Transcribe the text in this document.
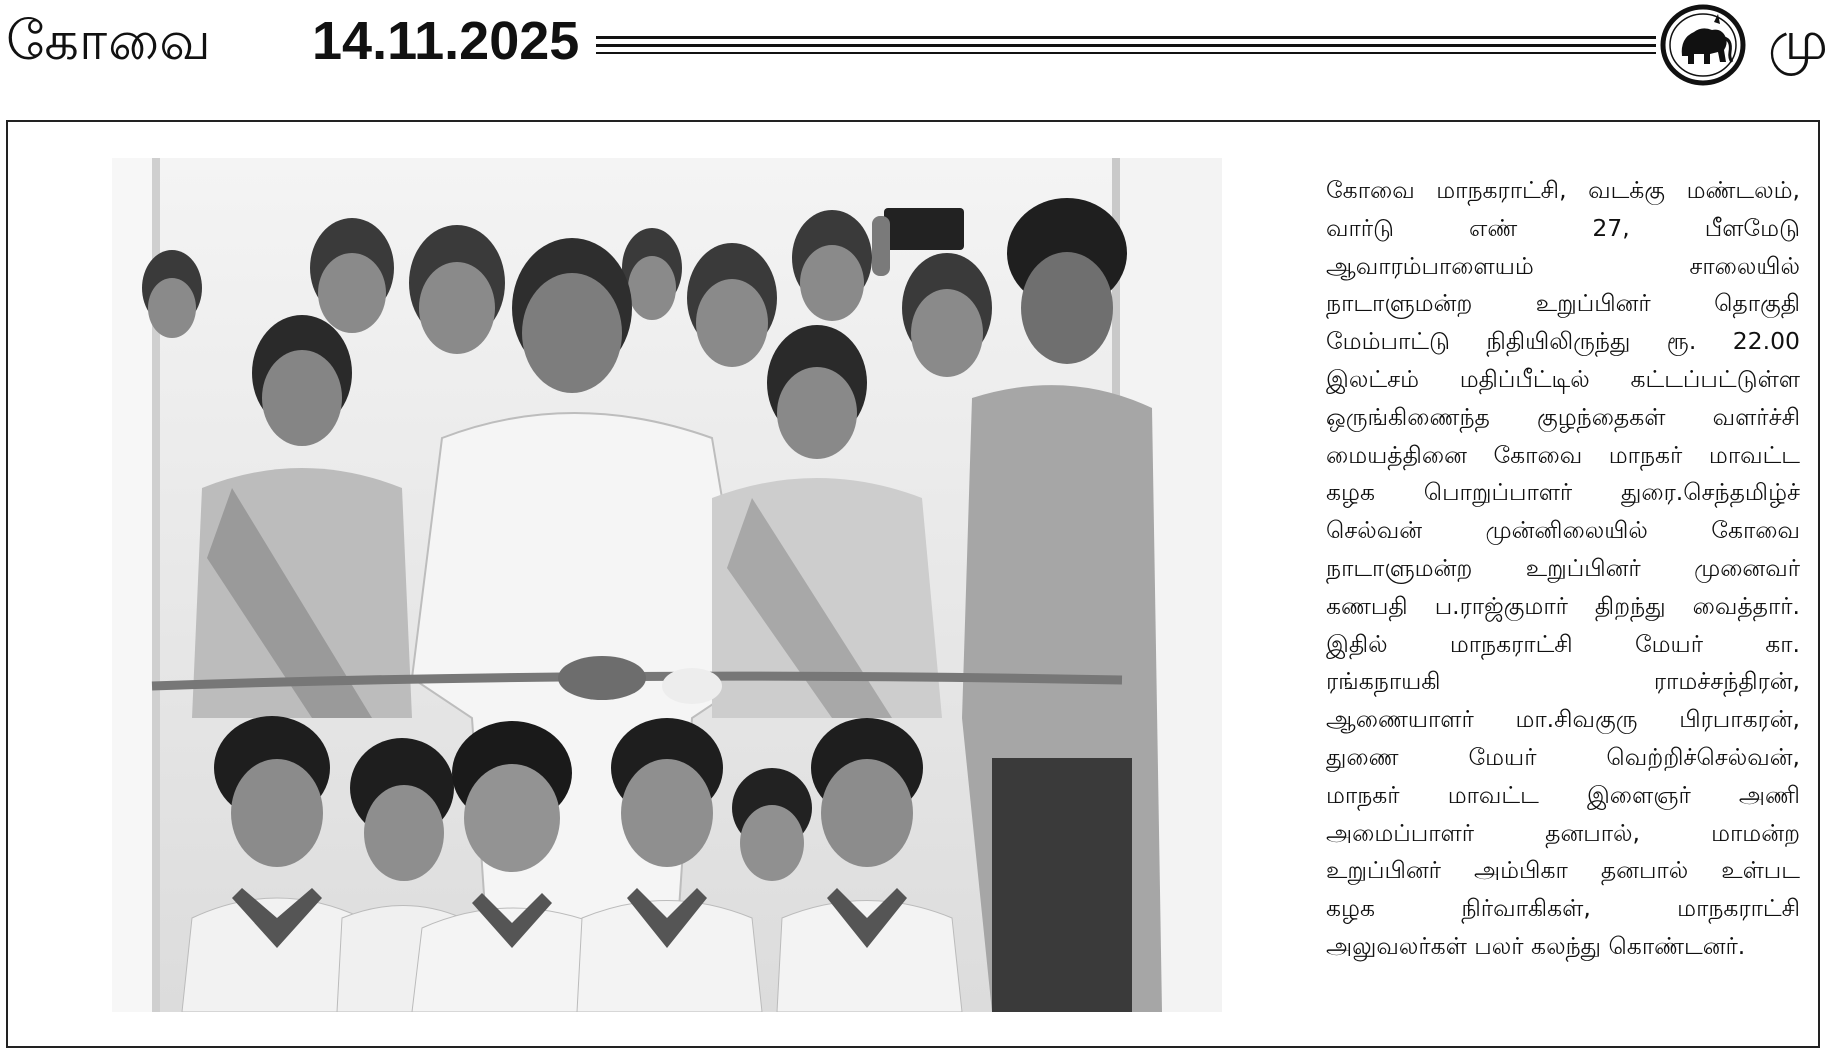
கோவை 14.11.2025	மு
கோவை மாநகராட்சி, வடக்கு மண்டலம்,
வார்டு எண் 27, பீளமேடு
ஆவாரம்பாளையம் சாலையில்
நாடாளுமன்ற உறுப்பினர் தொகுதி
மேம்பாட்டு நிதியிலிருந்து ரூ. 22.00
இலட்சம் மதிப்பீட்டில் கட்டப்பட்டுள்ள
ஒருங்கிணைந்த குழந்தைகள் வளர்ச்சி
மையத்தினை கோவை மாநகர் மாவட்ட
கழக பொறுப்பாளர் துரை.செந்தமிழ்ச்
செல்வன் முன்னிலையில் கோவை
நாடாளுமன்ற உறுப்பினர் முனைவர்
கணபதி ப.ராஜ்குமார் திறந்து வைத்தார்.
இதில் மாநகராட்சி மேயர் கா.
ரங்கநாயகி ராமச்சந்திரன்,
ஆணையாளர் மா.சிவகுரு பிரபாகரன்,
துணை மேயர் வெற்றிச்செல்வன்,
மாநகர் மாவட்ட இளைஞர் அணி
அமைப்பாளர் தனபால், மாமன்ற
உறுப்பினர் அம்பிகா தனபால் உள்பட
கழக நிர்வாகிகள், மாநகராட்சி
அலுவலர்கள் பலர் கலந்து கொண்டனர்.
